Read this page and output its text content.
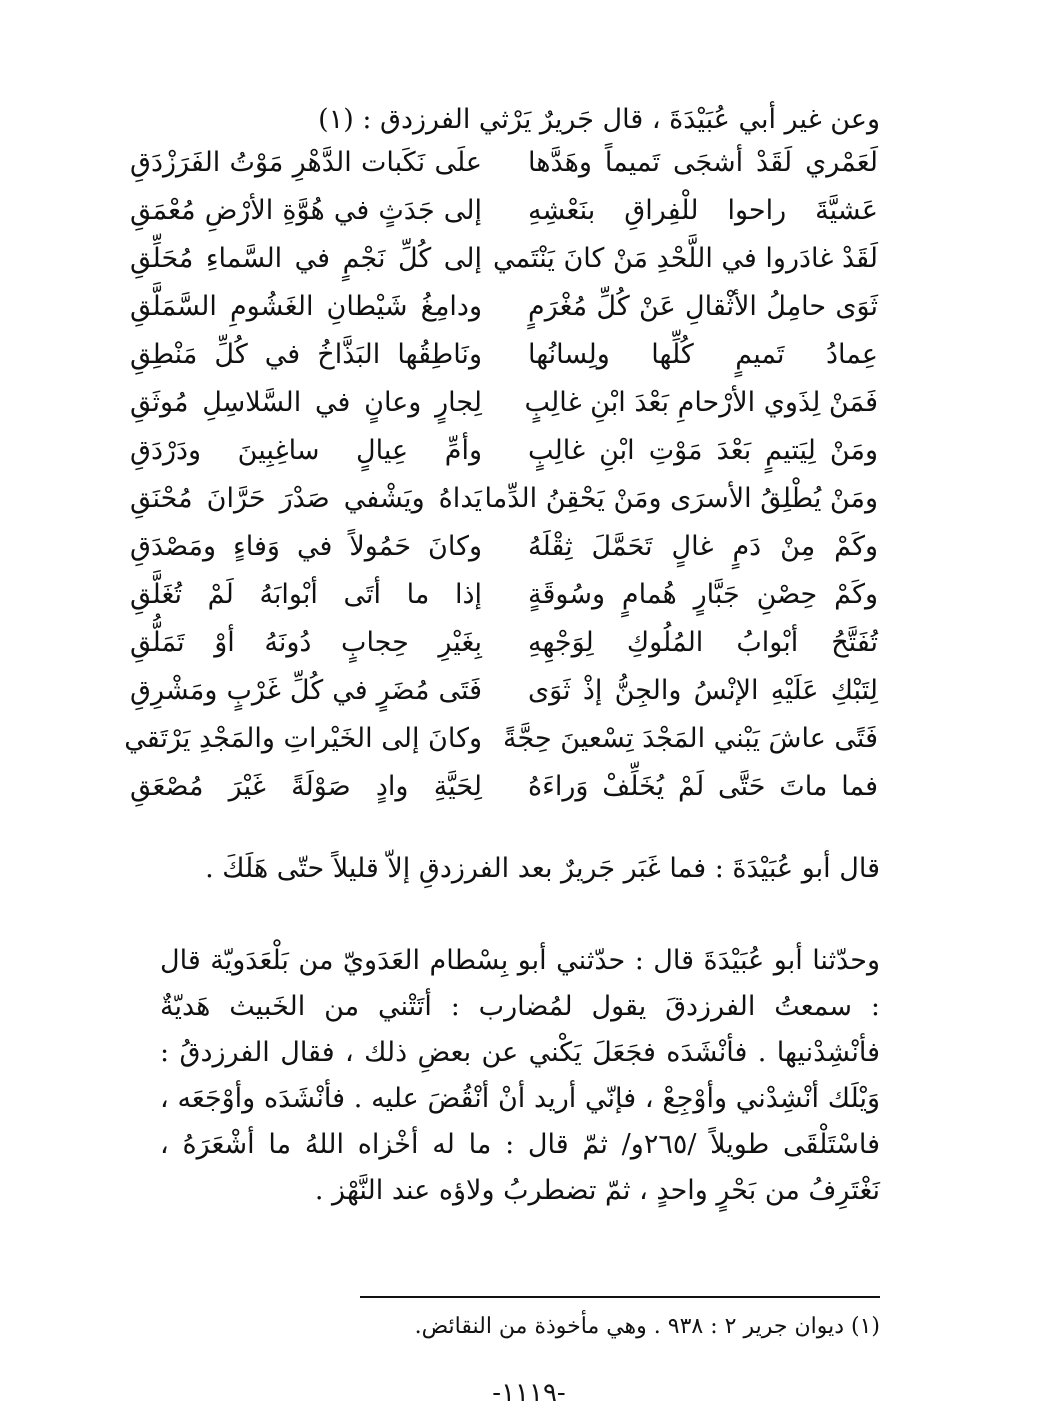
وعن غير أبي عُبَيْدَةَ ، قال جَريرٌ يَرْثي الفرزدق : (١)
لَعَمْري لَقَدْ أشجَى تَميماً وهَدَّها
علَى نَكَبات الدَّهْرِ مَوْتُ الفَرَزْدَقِ
عَشيَّةَ راحوا للْفِراقِ بنَعْشِهِ
إلى جَدَثٍ في هُوَّةِ الأرْضِ مُعْمَقِ
لَقَدْ غادَروا في اللَّحْدِ مَنْ كانَ يَنْتَمي
إلى كُلِّ نَجْمٍ في السَّماءِ مُحَلِّقِ
ثَوَى حامِلُ الأثْقالِ عَنْ كُلِّ مُغْرَمٍ
ودامِغُ شَيْطانِ الغَشُومِ السَّمَلَّقِ
عِمادُ تَميمٍ كُلِّها ولِسانُها
ونَاطِقُها البَذَّاخُ في كُلِّ مَنْطِقِ
فَمَنْ لِذَوي الأرْحامِ بَعْدَ ابْنِ غالِبٍ
لِجارٍ وعانٍ في السَّلاسِلِ مُوثَقِ
ومَنْ لِيَتيمٍ بَعْدَ مَوْتِ ابْنِ غالِبٍ
وأمِّ عِيالٍ ساغِبِينَ ودَرْدَقِ
ومَنْ يُطْلِقُ الأسرَى ومَنْ يَحْقِنُ الدِّما
يَداهُ ويَشْفي صَدْرَ حَرَّانَ مُحْنَقِ
وكَمْ مِنْ دَمٍ غالٍ تَحَمَّلَ ثِقْلَهُ
وكانَ حَمُولاً في وَفاءٍ ومَصْدَقِ
وكَمْ حِصْنِ جَبَّارٍ هُمامٍ وسُوقَةٍ
إذا ما أتَى أبْوابَهُ لَمْ تُغَلَّقِ
تُفَتَّحُ أبْوابُ المُلُوكِ لِوَجْهِهِ
بِغَيْرِ حِجابٍ دُونَهُ أوْ تَمَلُّقِ
لِتَبْكِ عَلَيْهِ الإنْسُ والجِنُّ إذْ ثَوَى
فَتَى مُضَرٍ في كُلِّ غَرْبٍ ومَشْرِقِ
فَتًى عاشَ يَبْني المَجْدَ تِسْعينَ حِجَّةً
وكانَ إلى الخَيْراتِ والمَجْدِ يَرْتَقي
فما ماتَ حَتَّى لَمْ يُخَلِّفْ وَراءَهُ
لِحَيَّةِ وادٍ صَوْلَةً غَيْرَ مُصْعَقِ
قال أبو عُبَيْدَةَ : فما غَبَر جَريرٌ بعد الفرزدقِ إلاّ قليلاً حتّى هَلَكَ .
وحدّثنا أبو عُبَيْدَةَ قال : حدّثني أبو بِسْطام العَدَويّ من بَلْعَدَويّة قال : سمعتُ الفرزدقَ يقول لمُضارب : أتَتْني من الخَبيث هَديّةٌ فأنْشِدْنيها . فأنْشَدَه فجَعَلَ يَكْني عن بعضِ ذلك ، فقال الفرزدقُ : وَيْلَك أنْشِدْني وأوْجِعْ ، فإنّي أريد أنْ أنْقُضَ عليه . فأنْشَدَه وأوْجَعَه ، فاسْتَلْقَى طويلاً /٢٦٥و/ ثمّ قال : ما له أخْزاه اللهُ ما أشْعَرَهُ ، نَغْتَرِفُ من بَحْرٍ واحدٍ ، ثمّ تضطربُ ولاؤه عند النَّهْز .
(١) ديوان جرير ٢ : ٩٣٨ . وهي مأخوذة من النقائض.
-١١١٩-
